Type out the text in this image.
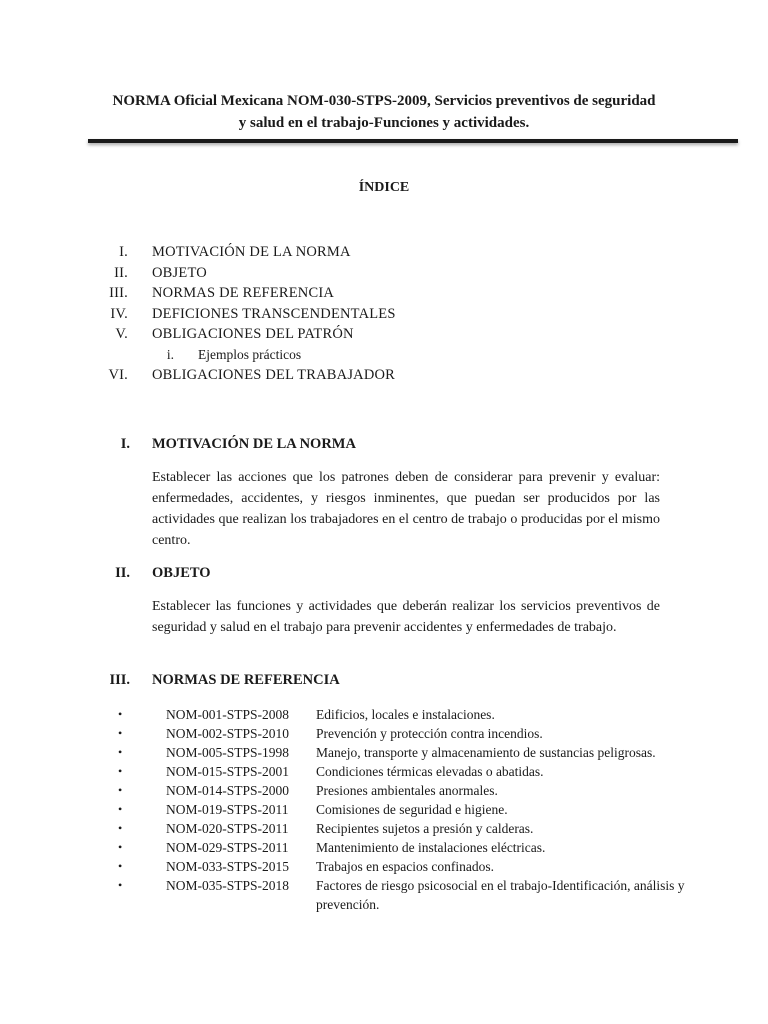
NORMA Oficial Mexicana NOM-030-STPS-2009, Servicios preventivos de seguridad
y salud en el trabajo-Funciones y actividades.
ÍNDICE
I. MOTIVACIÓN DE LA NORMA
II. OBJETO
III. NORMAS DE REFERENCIA
IV. DEFICIONES TRANSCENDENTALES
V. OBLIGACIONES DEL PATRÓN
i. Ejemplos prácticos
VI. OBLIGACIONES DEL TRABAJADOR
I. MOTIVACIÓN DE LA NORMA
Establecer las acciones que los patrones deben de considerar para prevenir y evaluar: enfermedades, accidentes, y riesgos inminentes, que puedan ser producidos por las actividades que realizan los trabajadores en el centro de trabajo o producidas por el mismo centro.
II. OBJETO
Establecer las funciones y actividades que deberán realizar los servicios preventivos de seguridad y salud en el trabajo para prevenir accidentes y enfermedades de trabajo.
III. NORMAS DE REFERENCIA
•	NOM-001-STPS-2008 Edificios, locales e instalaciones.
•	NOM-002-STPS-2010 Prevención y protección contra incendios.
•	NOM-005-STPS-1998 Manejo, transporte y almacenamiento de sustancias peligrosas.
•	NOM-015-STPS-2001 Condiciones térmicas elevadas o abatidas.
•	NOM-014-STPS-2000 Presiones ambientales anormales.
•	NOM-019-STPS-2011 Comisiones de seguridad e higiene.
•	NOM-020-STPS-2011 Recipientes sujetos a presión y calderas.
•	NOM-029-STPS-2011 Mantenimiento de instalaciones eléctricas.
•	NOM-033-STPS-2015 Trabajos en espacios confinados.
•	NOM-035-STPS-2018 Factores de riesgo psicosocial en el trabajo-Identificación, análisis y prevención.
